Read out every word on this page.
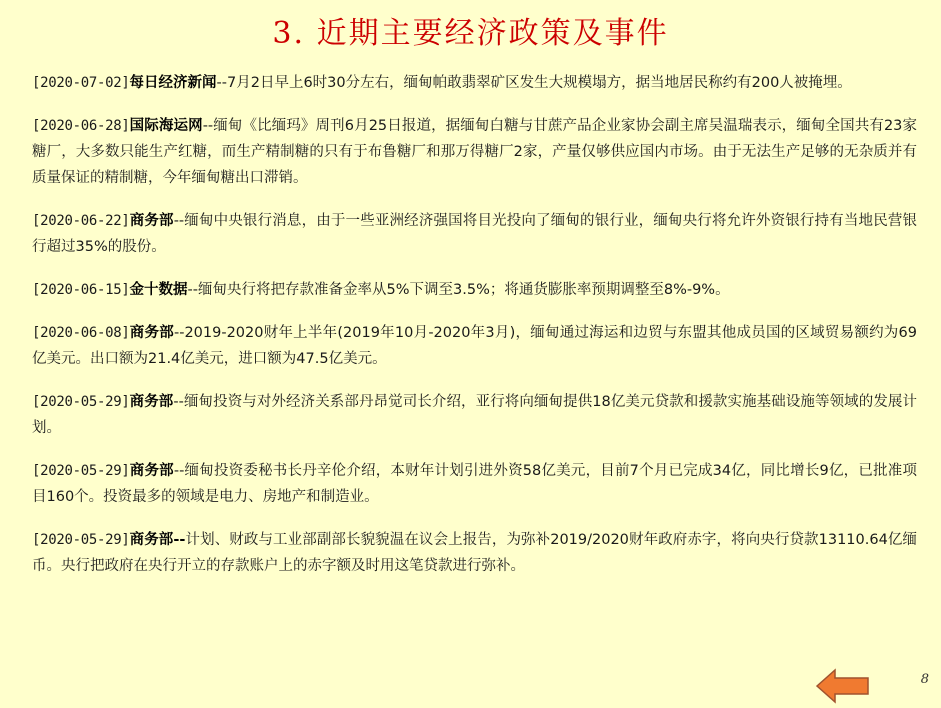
3. 近期主要经济政策及事件

[2020-07-02]每日经济新闻--7月2日早上6时30分左右，缅甸帕敢翡翠矿区发生大规模塌方，据当地居民称约有200人被掩埋。

[2020-06-28]国际海运网--缅甸《比缅玛》周刊6月25日报道，据缅甸白糖与甘蔗产品企业家协会副主席吴温瑞表示，缅甸全国共有23家糖厂，大多数只能生产红糖，而生产精制糖的只有于布鲁糖厂和那万得糖厂2家，产量仅够供应国内市场。由于无法生产足够的无杂质并有质量保证的精制糖，今年缅甸糖出口滞销。

[2020-06-22]商务部--缅甸中央银行消息，由于一些亚洲经济强国将目光投向了缅甸的银行业，缅甸央行将允许外资银行持有当地民营银行超过35%的股份。

[2020-06-15]金十数据--缅甸央行将把存款准备金率从5%下调至3.5%；将通货膨胀率预期调整至8%-9%。

[2020-06-08]商务部--2019-2020财年上半年(2019年10月-2020年3月)，缅甸通过海运和边贸与东盟其他成员国的区域贸易额约为69亿美元。出口额为21.4亿美元，进口额为47.5亿美元。

[2020-05-29]商务部--缅甸投资与对外经济关系部丹昂觉司长介绍，亚行将向缅甸提供18亿美元贷款和援款实施基础设施等领域的发展计划。

[2020-05-29]商务部--缅甸投资委秘书长丹辛伦介绍，本财年计划引进外资58亿美元，目前7个月已完成34亿，同比增长9亿，已批准项目160个。投资最多的领域是电力、房地产和制造业。

[2020-05-29]商务部--计划、财政与工业部副部长貌貌温在议会上报告，为弥补2019/2020财年政府赤字，将向央行贷款13110.64亿缅币。央行把政府在央行开立的存款账户上的赤字额及时用这笔贷款进行弥补。

8
